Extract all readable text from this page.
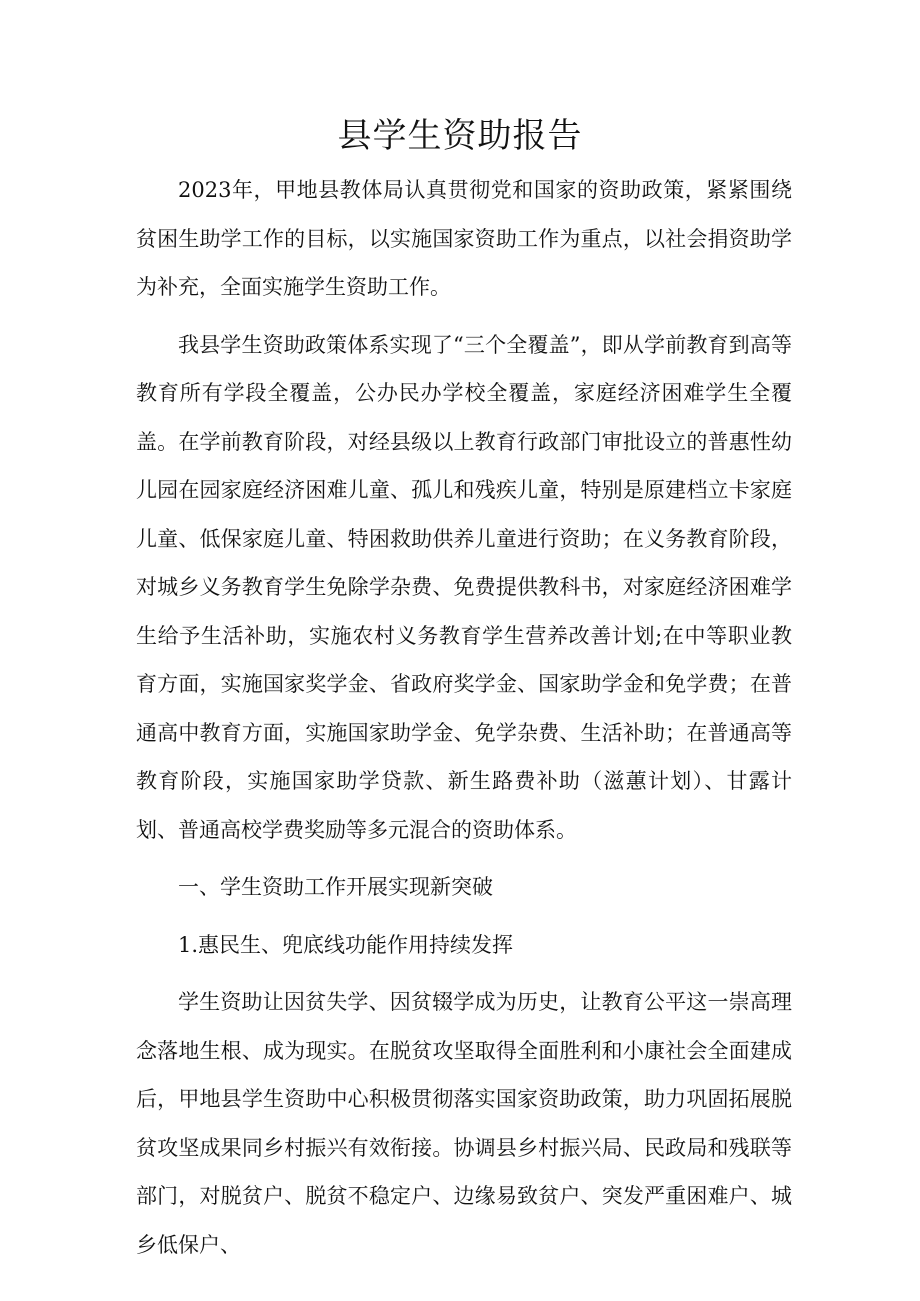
县学生资助报告

2023年，甲地县教体局认真贯彻党和国家的资助政策，紧紧围绕贫困生助学工作的目标，以实施国家资助工作为重点，以社会捐资助学为补充，全面实施学生资助工作。

我县学生资助政策体系实现了“三个全覆盖”，即从学前教育到高等教育所有学段全覆盖，公办民办学校全覆盖，家庭经济困难学生全覆盖。在学前教育阶段，对经县级以上教育行政部门审批设立的普惠性幼儿园在园家庭经济困难儿童、孤儿和残疾儿童，特别是原建档立卡家庭儿童、低保家庭儿童、特困救助供养儿童进行资助；在义务教育阶段，对城乡义务教育学生免除学杂费、免费提供教科书，对家庭经济困难学生给予生活补助，实施农村义务教育学生营养改善计划;在中等职业教育方面，实施国家奖学金、省政府奖学金、国家助学金和免学费；在普通高中教育方面，实施国家助学金、免学杂费、生活补助；在普通高等教育阶段，实施国家助学贷款、新生路费补助（滋蕙计划）、甘露计划、普通高校学费奖励等多元混合的资助体系。

一、学生资助工作开展实现新突破

1.惠民生、兜底线功能作用持续发挥

学生资助让因贫失学、因贫辍学成为历史，让教育公平这一崇高理念落地生根、成为现实。在脱贫攻坚取得全面胜利和小康社会全面建成后，甲地县学生资助中心积极贯彻落实国家资助政策，助力巩固拓展脱贫攻坚成果同乡村振兴有效衔接。协调县乡村振兴局、民政局和残联等部门，对脱贫户、脱贫不稳定户、边缘易致贫户、突发严重困难户、城乡低保户、
